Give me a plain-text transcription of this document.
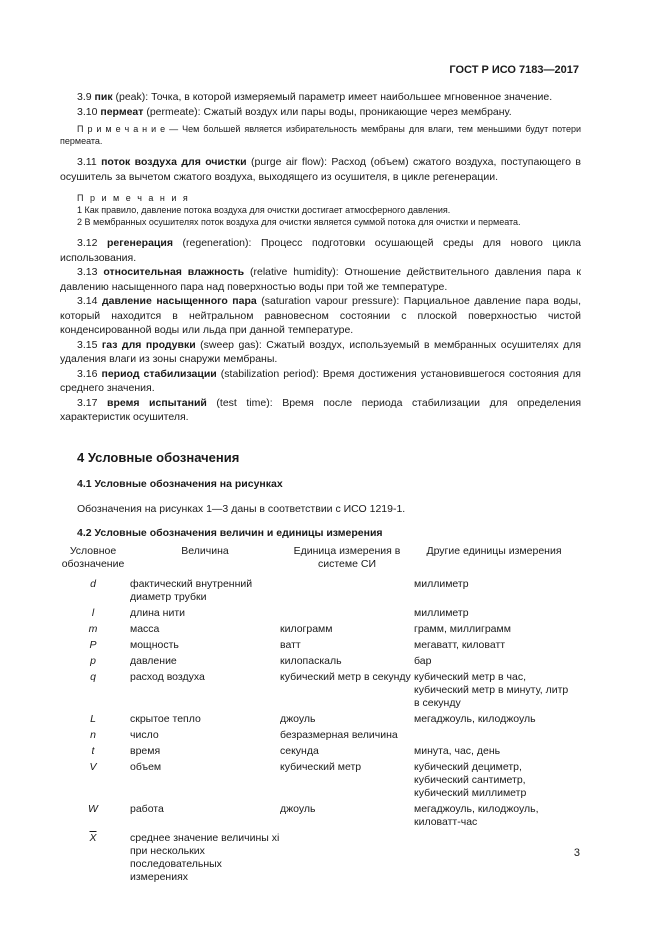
ГОСТ Р ИСО 7183—2017

3.9 пик (peak): Точка, в которой измеряемый параметр имеет наибольшее мгновенное значение.

3.10 пермеат (permeate): Сжатый воздух или пары воды, проникающие через мембрану.

П р и м е ч а н и е — Чем большей является избирательность мембраны для влаги, тем меньшими будут потери пермеата.

3.11 поток воздуха для очистки (purge air flow): Расход (объем) сжатого воздуха, поступающего в осушитель за вычетом сжатого воздуха, выходящего из осушителя, в цикле регенерации.

П р и м е ч а н и я

1 Как правило, давление потока воздуха для очистки достигает атмосферного давления.

2 В мембранных осушителях поток воздуха для очистки является суммой потока для очистки и пермеата.

3.12 регенерация (regeneration): Процесс подготовки осушающей среды для нового цикла использования.

3.13 относительная влажность (relative humidity): Отношение действительного давления пара к давлению насыщенного пара над поверхностью воды при той же температуре.

3.14 давление насыщенного пара (saturation vapour pressure): Парциальное давление пара воды, который находится в нейтральном равновесном состоянии с плоской поверхностью чистой конденсированной воды или льда при данной температуре.

3.15 газ для продувки (sweep gas): Сжатый воздух, используемый в мембранных осушителях для удаления влаги из зоны снаружи мембраны.

3.16 период стабилизации (stabilization period): Время достижения установившегося состояния для среднего значения.

3.17 время испытаний (test time): Время после периода стабилизации для определения характеристик осушителя.

4 Условные обозначения
4.1 Условные обозначения на рисунках

Обозначения на рисунках 1—3 даны в соответствии с ИСО 1219-1.

4.2 Условные обозначения величин и единицы измерения
Условное обозначение	Величина	Единица измерения в системе СИ	Другие единицы измерения
d	фактический внутренний диаметр трубки		миллиметр
l	длина нити		миллиметр
m	масса	килограмм	грамм, миллиграмм
P	мощность	ватт	мегаватт, киловатт
p	давление	килопаскаль	бар
q	расход воздуха	кубический метр в секунду	кубический метр в час, кубический метр в минуту, литр в секунду
L	скрытое тепло	джоуль	мегаджоуль, килоджоуль
n	число	безразмерная величина	
t	время	секунда	минута, час, день
V	объем	кубический метр	кубический дециметр, кубический сантиметр, кубический миллиметр
W	работа	джоуль	мегаджоуль, килоджоуль, киловатт-час
$\overline{X}$	среднее значение величины xi при нескольких последовательных измерениях		
3
